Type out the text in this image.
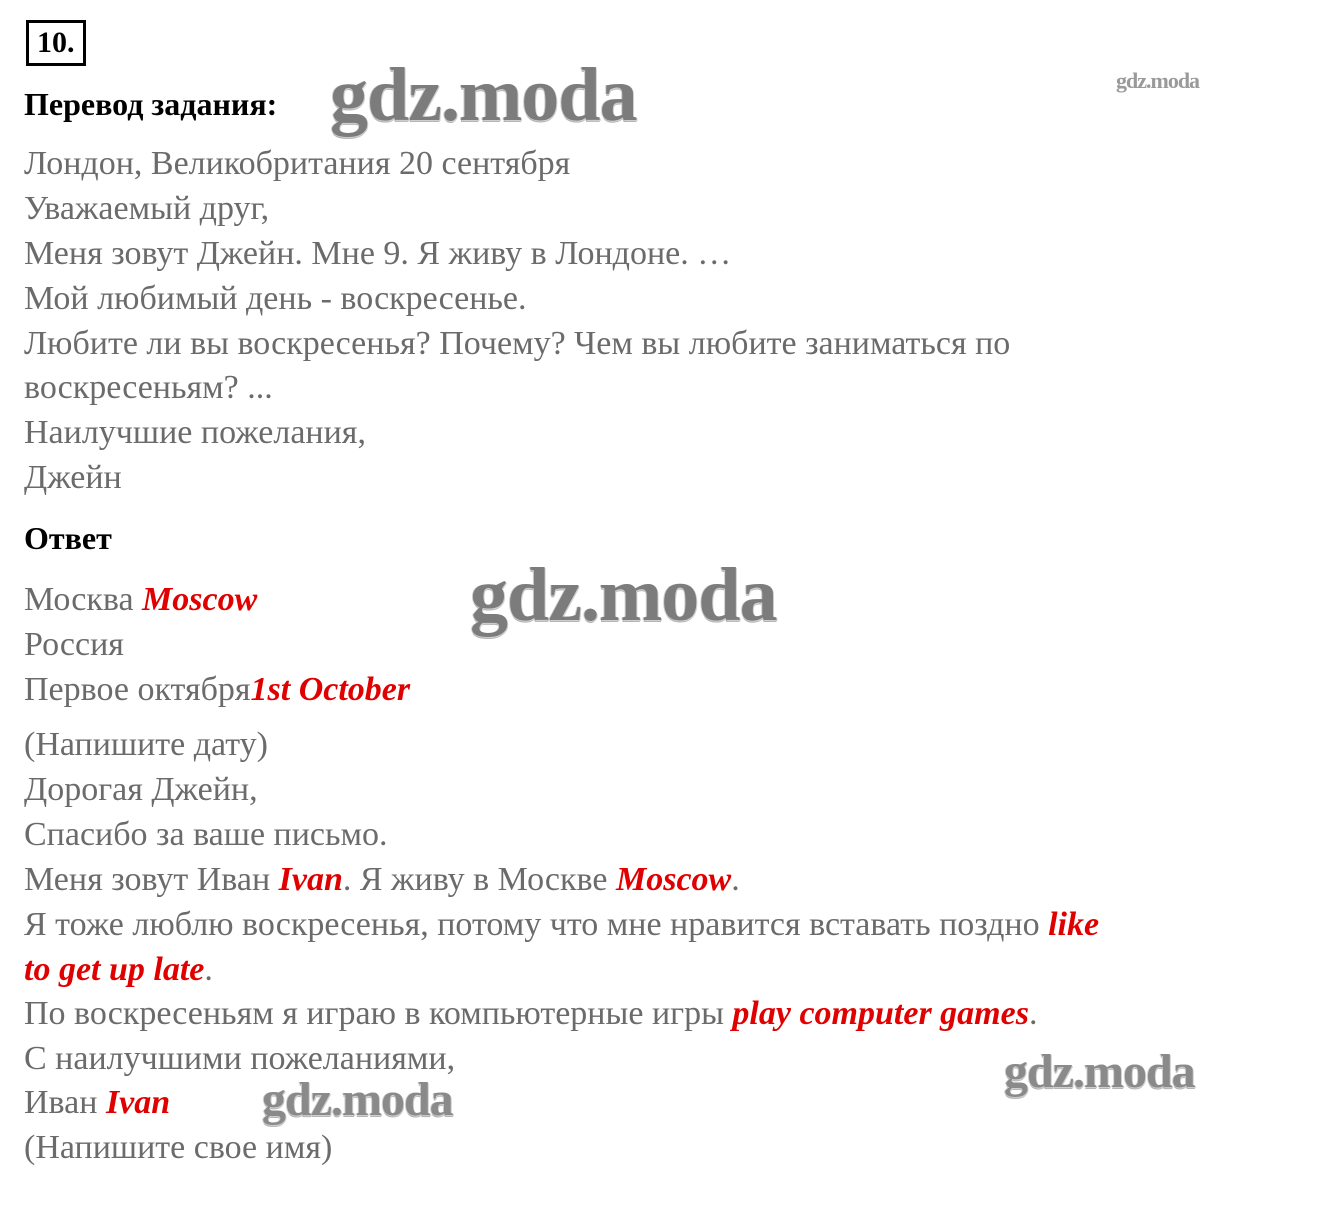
10.
Перевод задания:
Лондон, Великобритания 20 сентября
Уважаемый друг,
Меня зовут Джейн. Мне 9. Я живу в Лондоне. …
Мой любимый день - воскресенье.
Любите ли вы воскресенья? Почему? Чем вы любите заниматься по
воскресеньям? ...
Наилучшие пожелания,
Джейн
Ответ
Москва Moscow
Россия
Первое октября1st October
(Напишите дату)
Дорогая Джейн,
Спасибо за ваше письмо.
Меня зовут Иван Ivan. Я живу в Москве Moscow.
Я тоже люблю воскресенья, потому что мне нравится вставать поздно like
to get up late.
По воскресеньям я играю в компьютерные игры play computer games.
С наилучшими пожеланиями,
Иван Ivan
(Напишите свое имя)
gdz.moda	gdz.moda
gdz.moda
gdz.moda
gdz.moda
